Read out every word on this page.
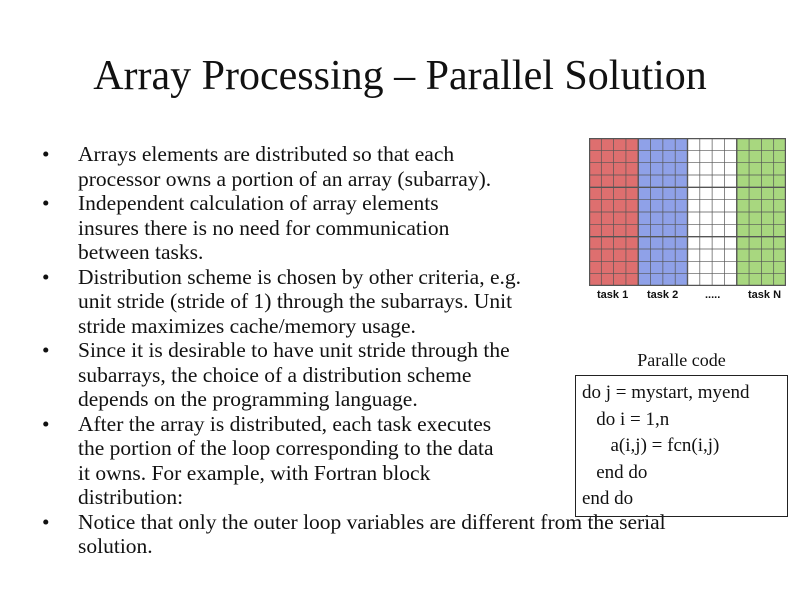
Array Processing – Parallel Solution
• Arrays elements are distributed so that each
processor owns a portion of an array (subarray).
• Independent calculation of array elements
insures there is no need for communication
between tasks.
• Distribution scheme is chosen by other criteria, e.g.
unit stride (stride of 1) through the subarrays. Unit
stride maximizes cache/memory usage.
• Since it is desirable to have unit stride through the
subarrays, the choice of a distribution scheme
depends on the programming language.
• After the array is distributed, each task executes
the portion of the loop corresponding to the data
it owns. For example, with Fortran block
distribution:
• Notice that only the outer loop variables are different from the serial
solution.
task 1 task 2 .....	task N
Paralle code
do j = mystart, myend
do i = 1,n
a(i,j) = fcn(i,j)
end do
end do
